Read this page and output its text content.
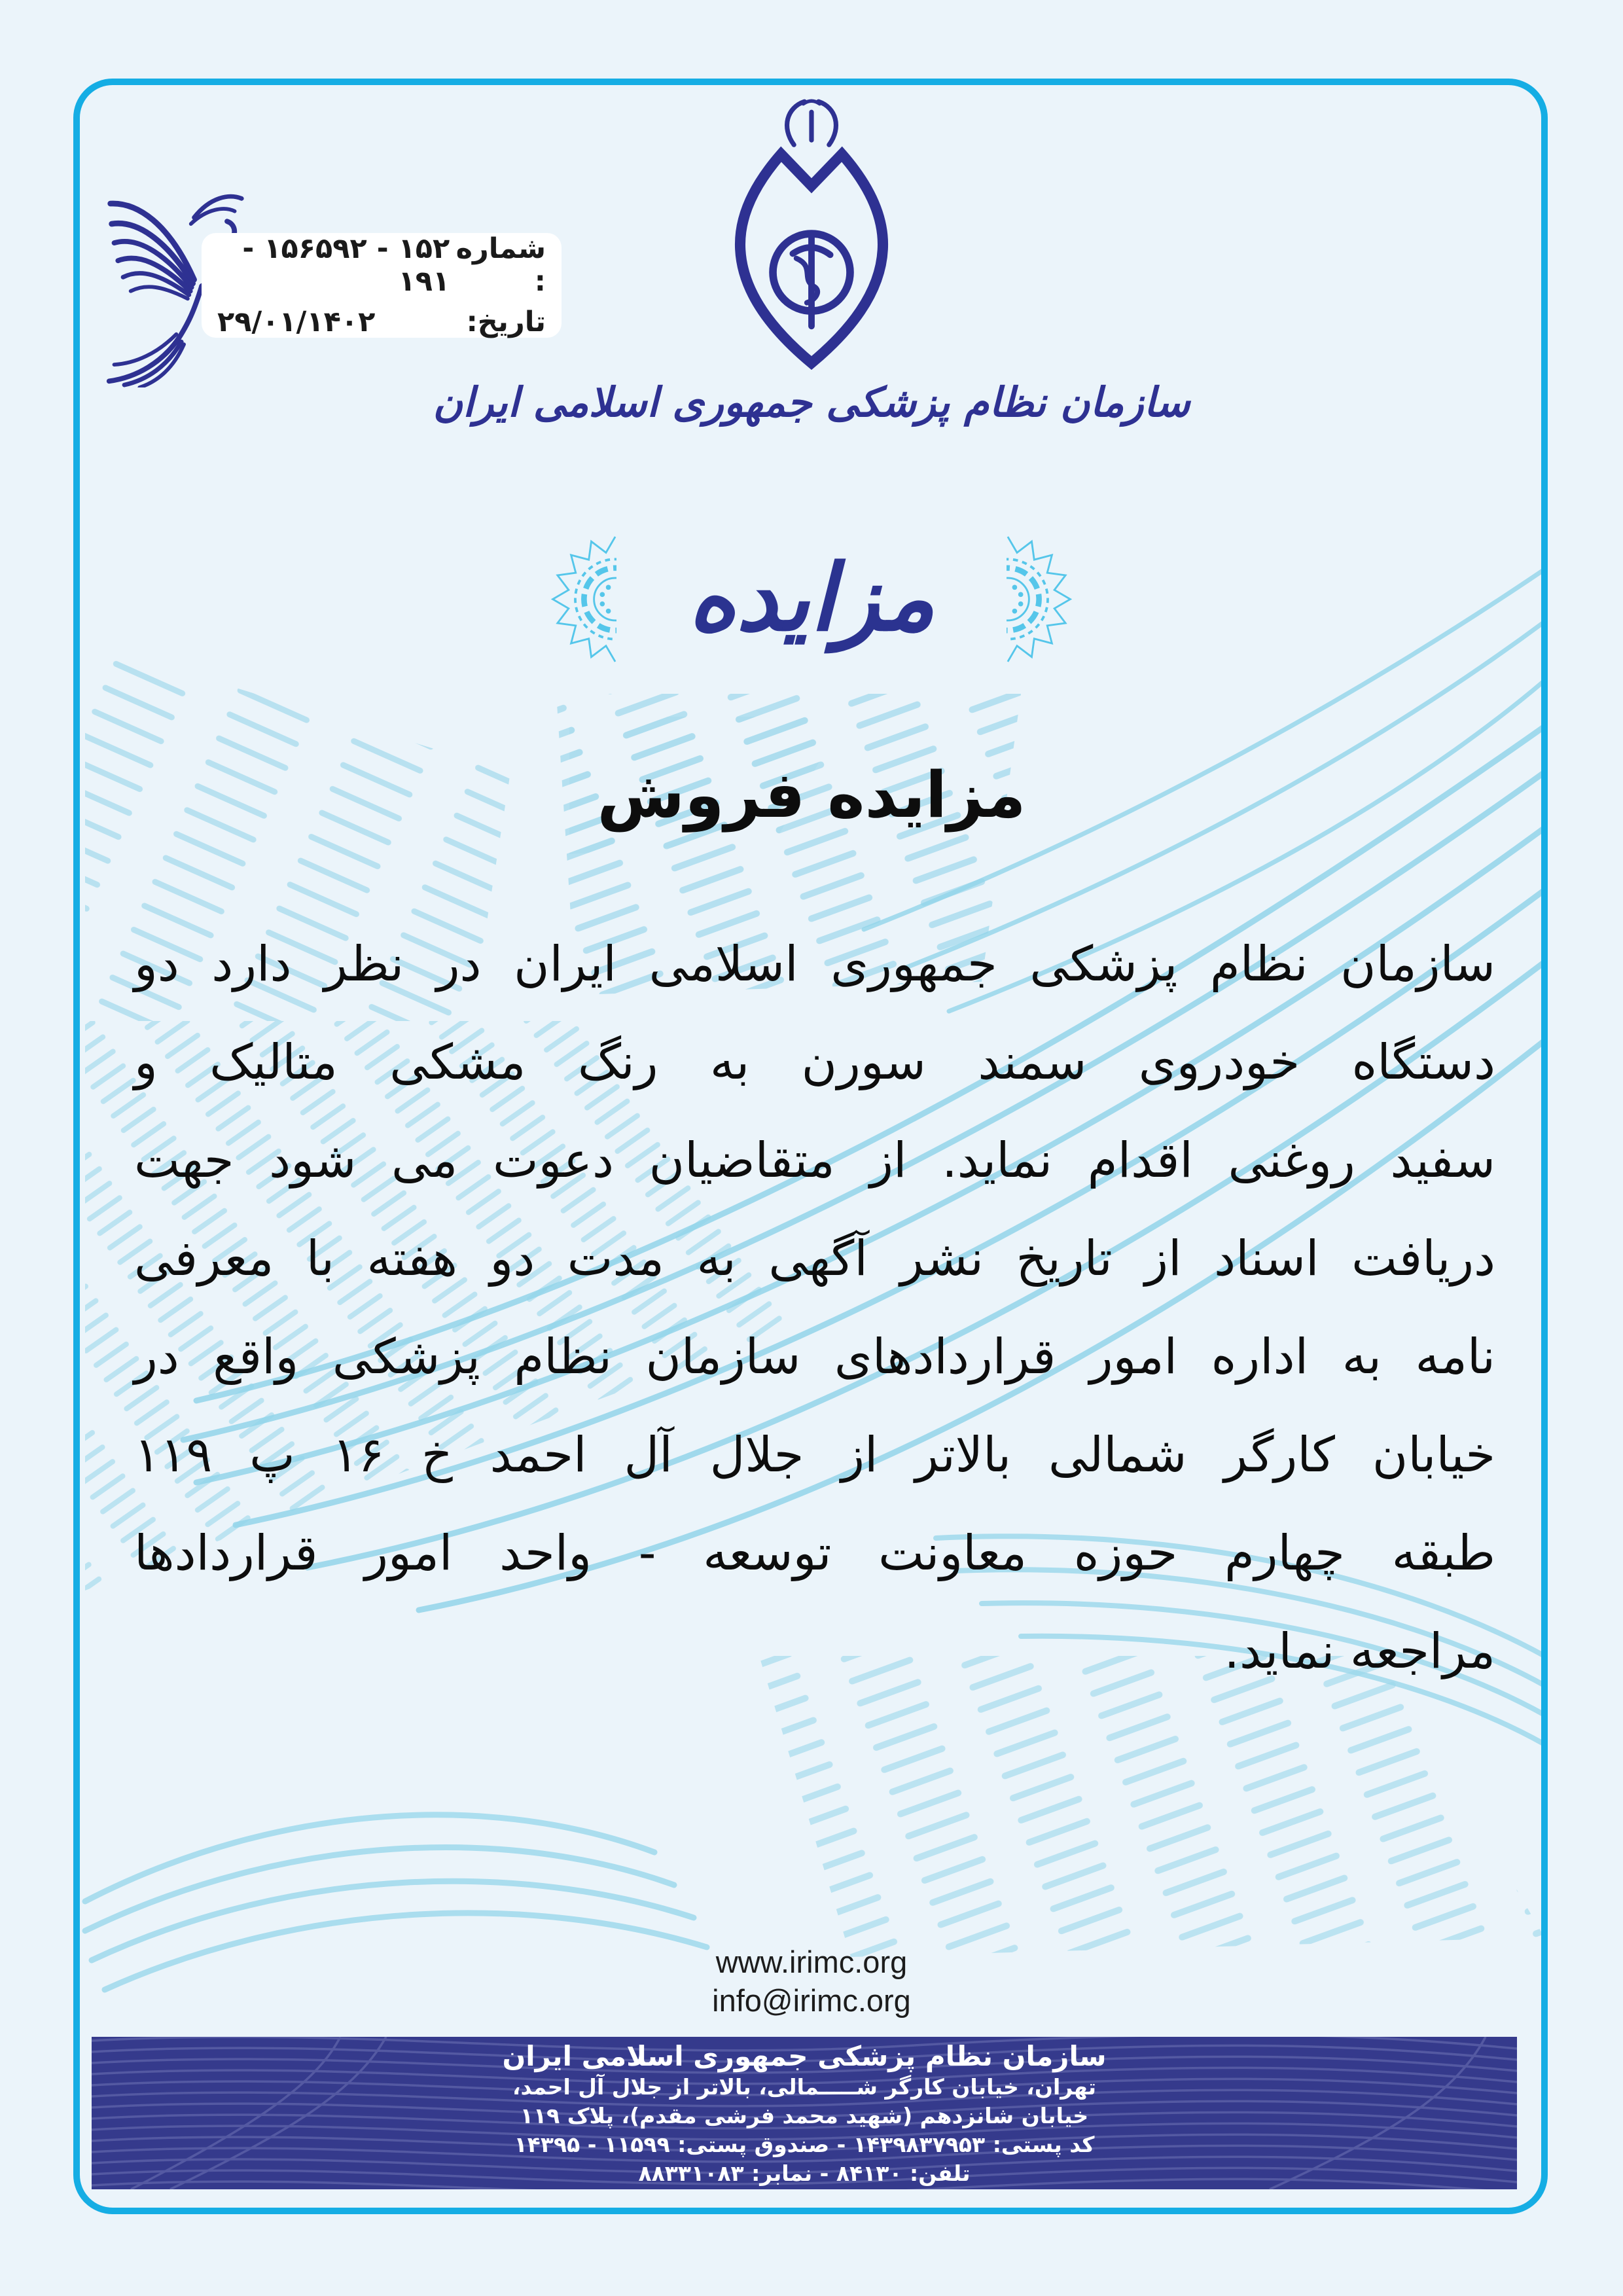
شماره :
۱۵۲ - ۱۵۶۵۹۲ - ۱۹۱
تاریخ:
۲۹/۰۱/۱۴۰۲
سازمان نظام پزشکی جمهوری اسلامی ایران
مزایده
مزایده فروش
سازمان نظام پزشکی جمهوری اسلامی ایران در نظر دارد دو
دستگاه خودروی سمند سورن به رنگ مشکی متالیک و
سفید روغنی اقدام نماید. از متقاضیان دعوت می شود جهت
دریافت اسناد از تاریخ نشر آگهی به مدت دو هفته با معرفی
نامه به اداره امور قراردادهای سازمان نظام پزشکی واقع در
خیابان کارگر شمالی بالاتر از جلال آل احمد خ ۱۶ پ ۱۱۹
طبقه چهارم حوزه معاونت توسعه - واحد امور قراردادها
مراجعه نماید.
www.irimc.org
info@irimc.org
سازمان نظام پزشکی جمهوری اسلامی ایران
تهران، خیابان کارگر شـــــمالی، بالاتر از جلال آل احمد،
خیابان شانزدهم (شهید محمد فرشی مقدم)، پلاک ۱۱۹
کد پستی: ۱۴۳۹۸۳۷۹۵۳ - صندوق پستی: ۱۱۵۹۹ - ۱۴۳۹۵
تلفن: ۸۴۱۳۰ - نمابر: ۸۸۳۳۱۰۸۳
